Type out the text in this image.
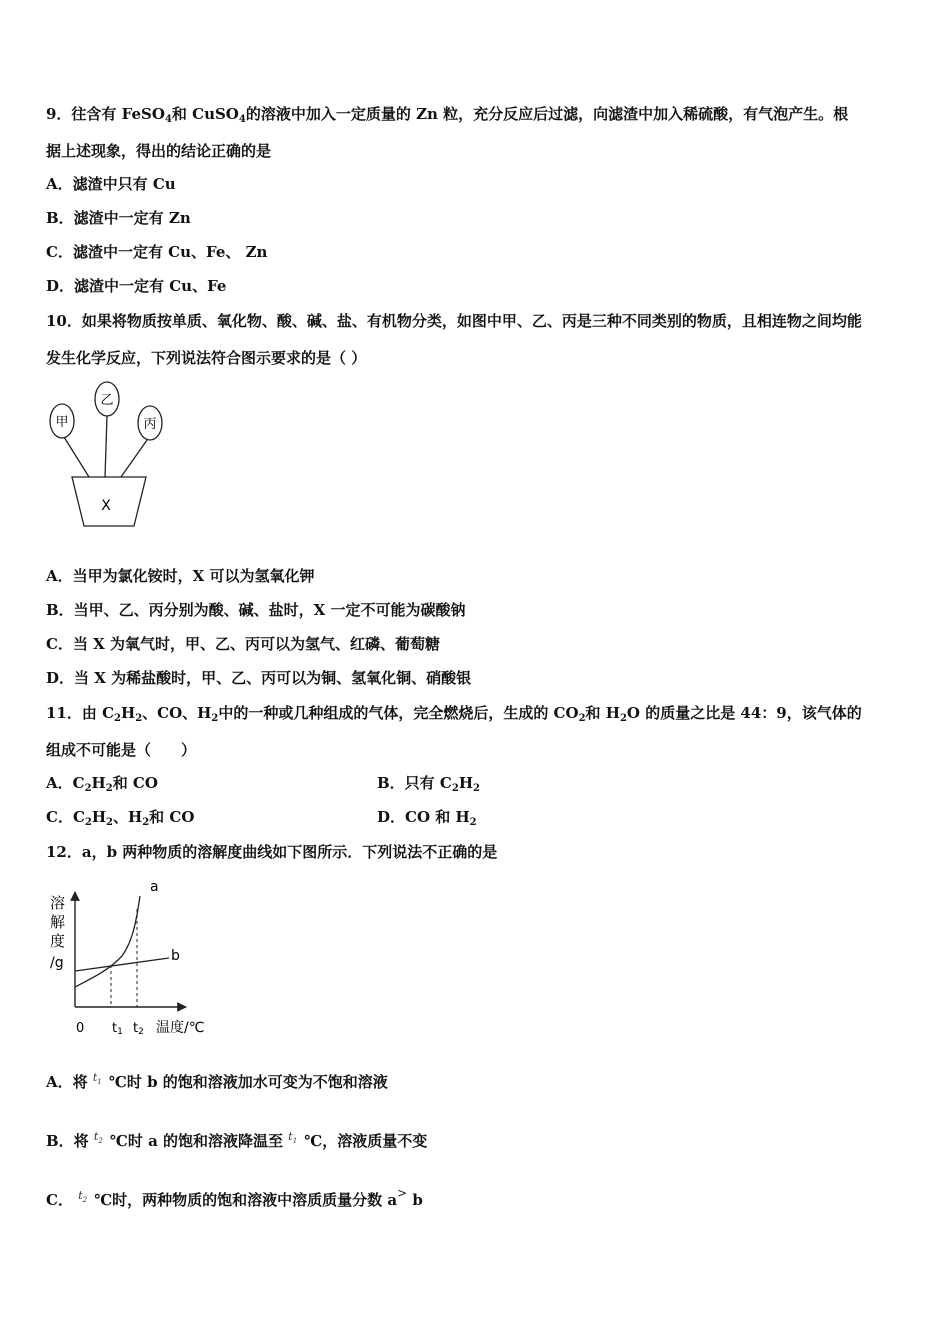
9．往含有 FeSO$_4$和 CuSO$_4$的溶液中加入一定质量的 Zn 粒，充分反应后过滤，向滤渣中加入稀硫酸，有气泡产生。根
据上述现象，得出的结论正确的是
A．滤渣中只有 Cu
B．滤渣中一定有 Zn
C．滤渣中一定有 Cu、Fe、 Zn
D．滤渣中一定有 Cu、Fe
10．如果将物质按单质、氧化物、酸、碱、盐、有机物分类，如图中甲、乙、丙是三种不同类别的物质，且相连物之间均能
发生化学反应，下列说法符合图示要求的是（ ）
甲
乙
丙
X
A．当甲为氯化铵时，X 可以为氢氧化钾
B．当甲、乙、丙分别为酸、碱、盐时，X 一定不可能为碳酸钠
C．当 X 为氧气时，甲、乙、丙可以为氢气、红磷、葡萄糖
D．当 X 为稀盐酸时，甲、乙、丙可以为铜、氢氧化铜、硝酸银
11．由 $C_2H_2$、CO、$H_2$中的一种或几种组成的气体，完全燃烧后，生成的 $CO_2$和 $H_2O$ 的质量之比是 44：9，该气体的
组成不可能是（　　）
A．$C_2H_2$和 CO	B．只有 $C_2H_2$
C．$C_2H_2$、$H_2$和 CO	D．CO 和 $H_2$
12．a，b 两种物质的溶解度曲线如下图所示．下列说法不正确的是
溶
解
度
/g
a
b
0 t1 t2 温度/℃
A．将 $t_1$ ℃时 b 的饱和溶液加水可变为不饱和溶液
B．将 $t_2$ ℃时 a 的饱和溶液降温至 $t_1$ ℃，溶液质量不变
C． $t_2$ ℃时，两种物质的饱和溶液中溶质质量分数 a> b
